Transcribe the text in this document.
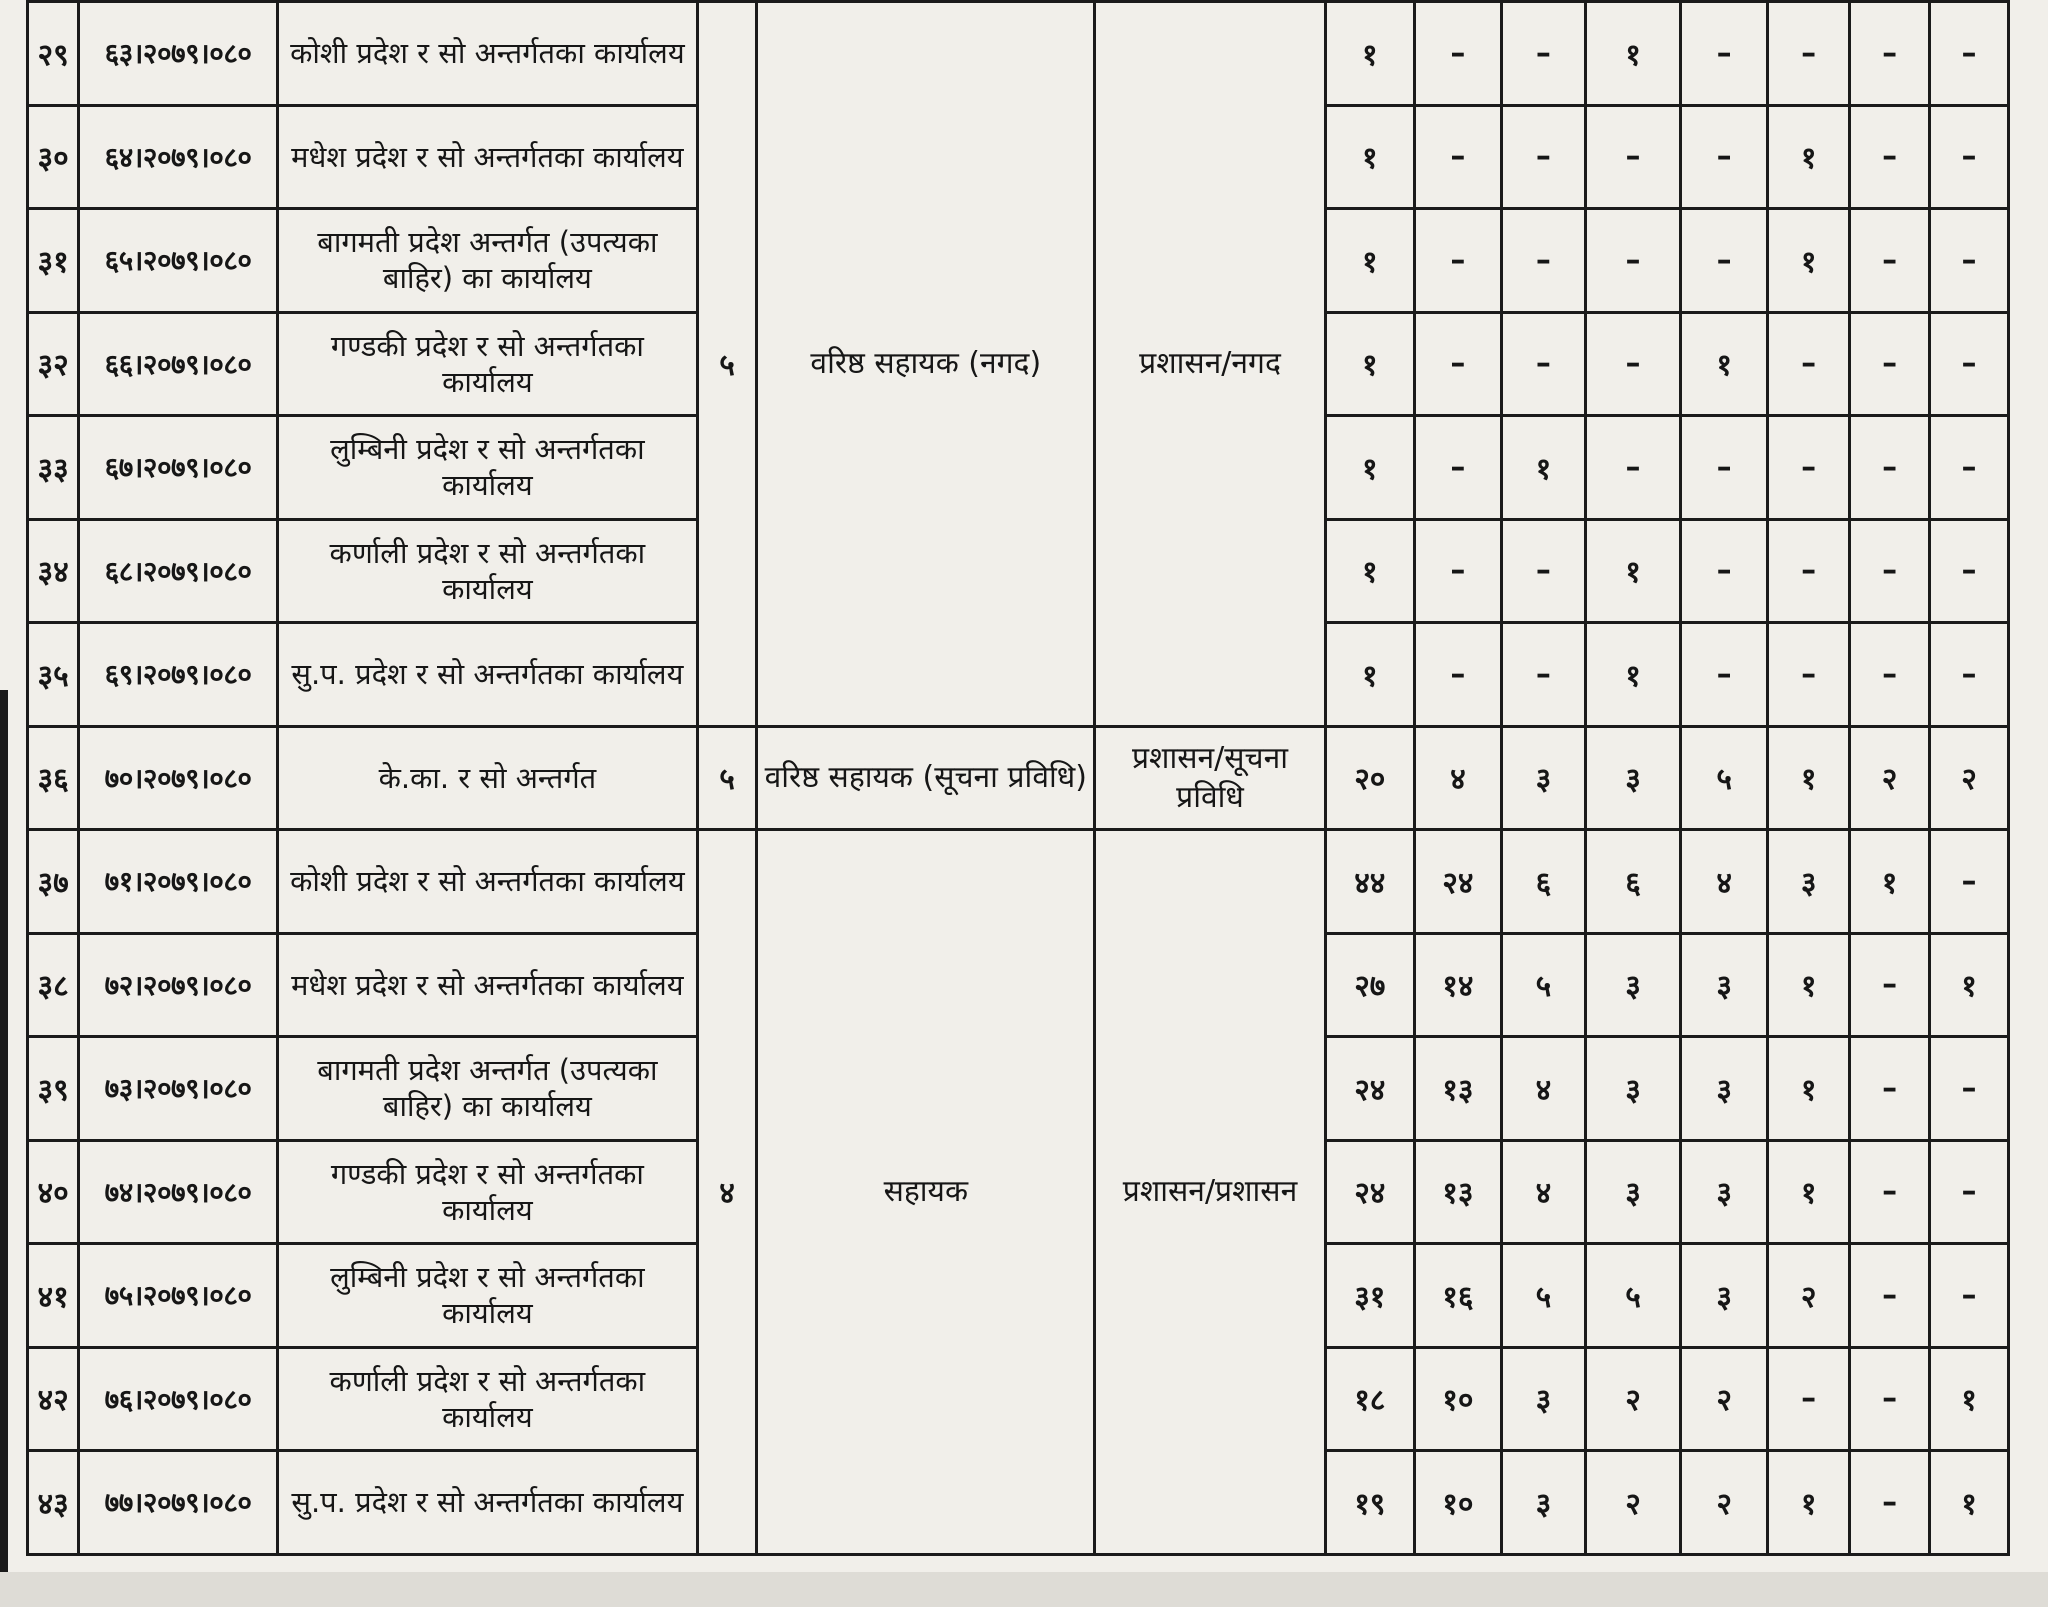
२९	६३।२०७९।०८०	कोशी प्रदेश र सो अन्तर्गतका कार्यालय	५	वरिष्ठ सहायक (नगद)	प्रशासन/नगद	१	–	–	१	–	–	–	–
३०	६४।२०७९।०८०	मधेश प्रदेश र सो अन्तर्गतका कार्यालय				१	–	–	–	–	१	–	–
३१	६५।२०७९।०८०	बागमती प्रदेश अन्तर्गत (उपत्यका बाहिर) का कार्यालय				१	–	–	–	–	१	–	–
३२	६६।२०७९।०८०	गण्डकी प्रदेश र सो अन्तर्गतका कार्यालय				१	–	–	–	१	–	–	–
३३	६७।२०७९।०८०	लुम्बिनी प्रदेश र सो अन्तर्गतका कार्यालय				१	–	१	–	–	–	–	–
३४	६८।२०७९।०८०	कर्णाली प्रदेश र सो अन्तर्गतका कार्यालय				१	–	–	१	–	–	–	–
३५	६९।२०७९।०८०	सु.प. प्रदेश र सो अन्तर्गतका कार्यालय				१	–	–	१	–	–	–	–
३६	७०।२०७९।०८०	के.का. र सो अन्तर्गत	५	वरिष्ठ सहायक (सूचना प्रविधि)	प्रशासन/सूचना प्रविधि	२०	४	३	३	५	१	२	२
३७	७१।२०७९।०८०	कोशी प्रदेश र सो अन्तर्गतका कार्यालय	४	सहायक	प्रशासन/प्रशासन	४४	२४	६	६	४	३	१	–
३८	७२।२०७९।०८०	मधेश प्रदेश र सो अन्तर्गतका कार्यालय				२७	१४	५	३	३	१	–	१
३९	७३।२०७९।०८०	बागमती प्रदेश अन्तर्गत (उपत्यका बाहिर) का कार्यालय				२४	१३	४	३	३	१	–	–
४०	७४।२०७९।०८०	गण्डकी प्रदेश र सो अन्तर्गतका कार्यालय				२४	१३	४	३	३	१	–	–
४१	७५।२०७९।०८०	लुम्बिनी प्रदेश र सो अन्तर्गतका कार्यालय				३१	१६	५	५	३	२	–	–
४२	७६।२०७९।०८०	कर्णाली प्रदेश र सो अन्तर्गतका कार्यालय				१८	१०	३	२	२	–	–	१
४३	७७।२०७९।०८०	सु.प. प्रदेश र सो अन्तर्गतका कार्यालय				१९	१०	३	२	२	१	–	१
